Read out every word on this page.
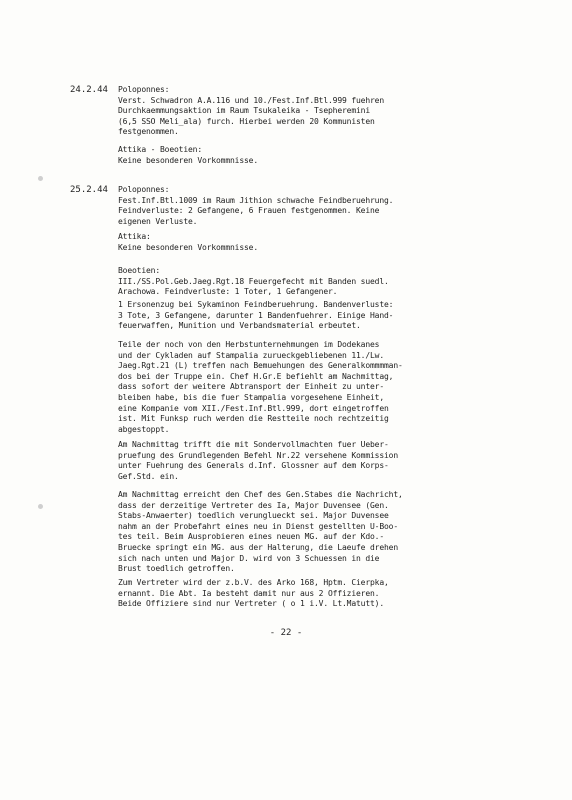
24.2.44 Poloponnes:
Verst. Schwadron A.A.116 und 10./Fest.Inf.Btl.999 fuehren
Durchkaemmungsaktion im Raum Tsukaleika - Tsepheremini
(6,5 SSO Meli_ala) furch. Hierbei werden 20 Kommunisten
festgenommen.
Attika - Boeotien:
Keine besonderen Vorkommnisse.
25.2.44 Poloponnes:
Fest.Inf.Btl.1009 im Raum Jithion schwache Feindberuehrung.
Feindverluste: 2 Gefangene, 6 Frauen festgenommen. Keine
eigenen Verluste.
Attika:
Keine besonderen Vorkommnisse.
Boeotien:
III./SS.Pol.Geb.Jaeg.Rgt.18 Feuergefecht mit Banden suedl.
Arachowa. Feindverluste: 1 Toter, 1 Gefangener.
1 Ersonenzug bei Sykaminon Feindberuehrung. Bandenverluste:
3 Tote, 3 Gefangene, darunter 1 Bandenfuehrer. Einige Hand-
feuerwaffen, Munition und Verbandsmaterial erbeutet.
Teile der noch von den Herbstunternehmungen im Dodekanes
und der Cykladen auf Stampalia zurueckgebliebenen 11./Lw.
Jaeg.Rgt.21 (L) treffen nach Bemuehungen des Generalkommmman-
dos bei der Truppe ein. Chef H.Gr.E befiehlt am Nachmittag,
dass sofort der weitere Abtransport der Einheit zu unter-
bleiben habe, bis die fuer Stampalia vorgesehene Einheit,
eine Kompanie vom XII./Fest.Inf.Btl.999, dort eingetroffen
ist. Mit Funksp ruch werden die Restteile noch rechtzeitig
abgestoppt.
Am Nachmittag trifft die mit Sondervollmachten fuer Ueber-
pruefung des Grundlegenden Befehl Nr.22 versehene Kommission
unter Fuehrung des Generals d.Inf. Glossner auf dem Korps-
Gef.Std. ein.
Am Nachmittag erreicht den Chef des Gen.Stabes die Nachricht,
dass der derzeitige Vertreter des Ia, Major Duvensee (Gen.
Stabs-Anwaerter) toedlich verunglueckt sei. Major Duvensee
nahm an der Probefahrt eines neu in Dienst gestellten U-Boo-
tes teil. Beim Ausprobieren eines neuen MG. auf der Kdo.-
Bruecke springt ein MG. aus der Halterung, die Laeufe drehen
sich nach unten und Major D. wird von 3 Schuessen in die
Brust toedlich getroffen.
Zum Vertreter wird der z.b.V. des Arko 168, Hptm. Cierpka,
ernannt. Die Abt. Ia besteht damit nur aus 2 Offizieren.
Beide Offiziere sind nur Vertreter ( o 1 i.V. Lt.Matutt).
- 22 -
